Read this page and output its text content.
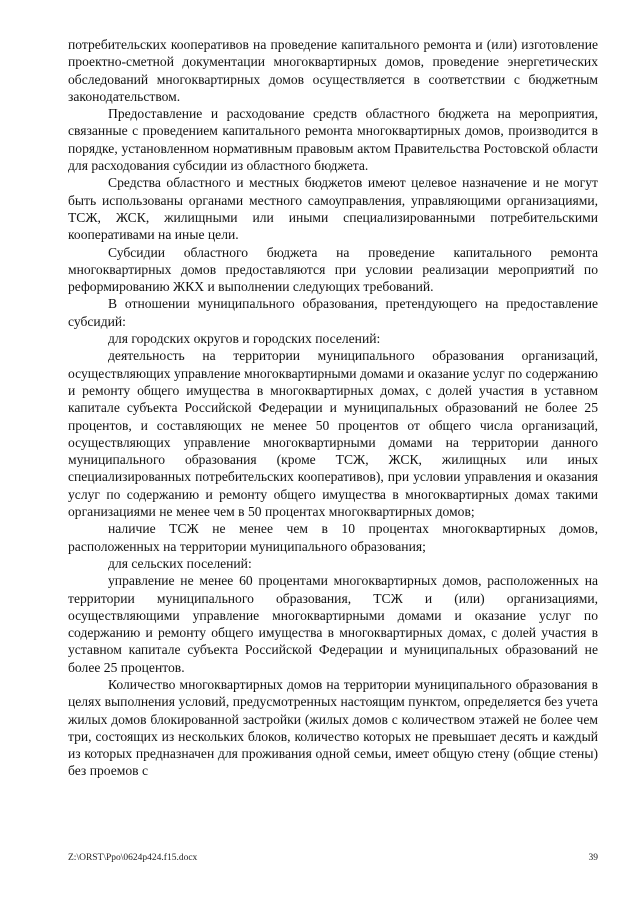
потребительских кооперативов на проведение капитального ремонта и (или) изготовление проектно-сметной документации многоквартирных домов, проведение энергетических обследований многоквартирных домов осуществляется в соответствии с бюджетным законодательством.

Предоставление и расходование средств областного бюджета на мероприятия, связанные с проведением капитального ремонта многоквартирных домов, производится в порядке, установленном нормативным правовым актом Правительства Ростовской области для расходования субсидии из областного бюджета.

Средства областного и местных бюджетов имеют целевое назначение и не могут быть использованы органами местного самоуправления, управляющими организациями, ТСЖ, ЖСК, жилищными или иными специализированными потребительскими кооперативами на иные цели.

Субсидии областного бюджета на проведение капитального ремонта многоквартирных домов предоставляются при условии реализации мероприятий по реформированию ЖКХ и выполнении следующих требований.

В отношении муниципального образования, претендующего на предоставление субсидий:

для городских округов и городских поселений:

деятельность на территории муниципального образования организаций, осуществляющих управление многоквартирными домами и оказание услуг по содержанию и ремонту общего имущества в многоквартирных домах, с долей участия в уставном капитале субъекта Российской Федерации и муниципальных образований не более 25 процентов, и составляющих не менее 50 процентов от общего числа организаций, осуществляющих управление многоквартирными домами на территории данного муниципального образования (кроме ТСЖ, ЖСК, жилищных или иных специализированных потребительских кооперативов), при условии управления и оказания услуг по содержанию и ремонту общего имущества в многоквартирных домах такими организациями не менее чем в 50 процентах многоквартирных домов;

наличие ТСЖ не менее чем в 10 процентах многоквартирных домов, расположенных на территории муниципального образования;

для сельских поселений:

управление не менее 60 процентами многоквартирных домов, расположенных на территории муниципального образования, ТСЖ и (или) организациями, осуществляющими управление многоквартирными домами и оказание услуг по содержанию и ремонту общего имущества в многоквартирных домах, с долей участия в уставном капитале субъекта Российской Федерации и муниципальных образований не более 25 процентов.

Количество многоквартирных домов на территории муниципального образования в целях выполнения условий, предусмотренных настоящим пунктом, определяется без учета жилых домов блокированной застройки (жилых домов с количеством этажей не более чем три, состоящих из нескольких блоков, количество которых не превышает десять и каждый из которых предназначен для проживания одной семьи, имеет общую стену (общие стены) без проемов с

Z:\ORST\Ppo\0624p424.f15.docx	39
